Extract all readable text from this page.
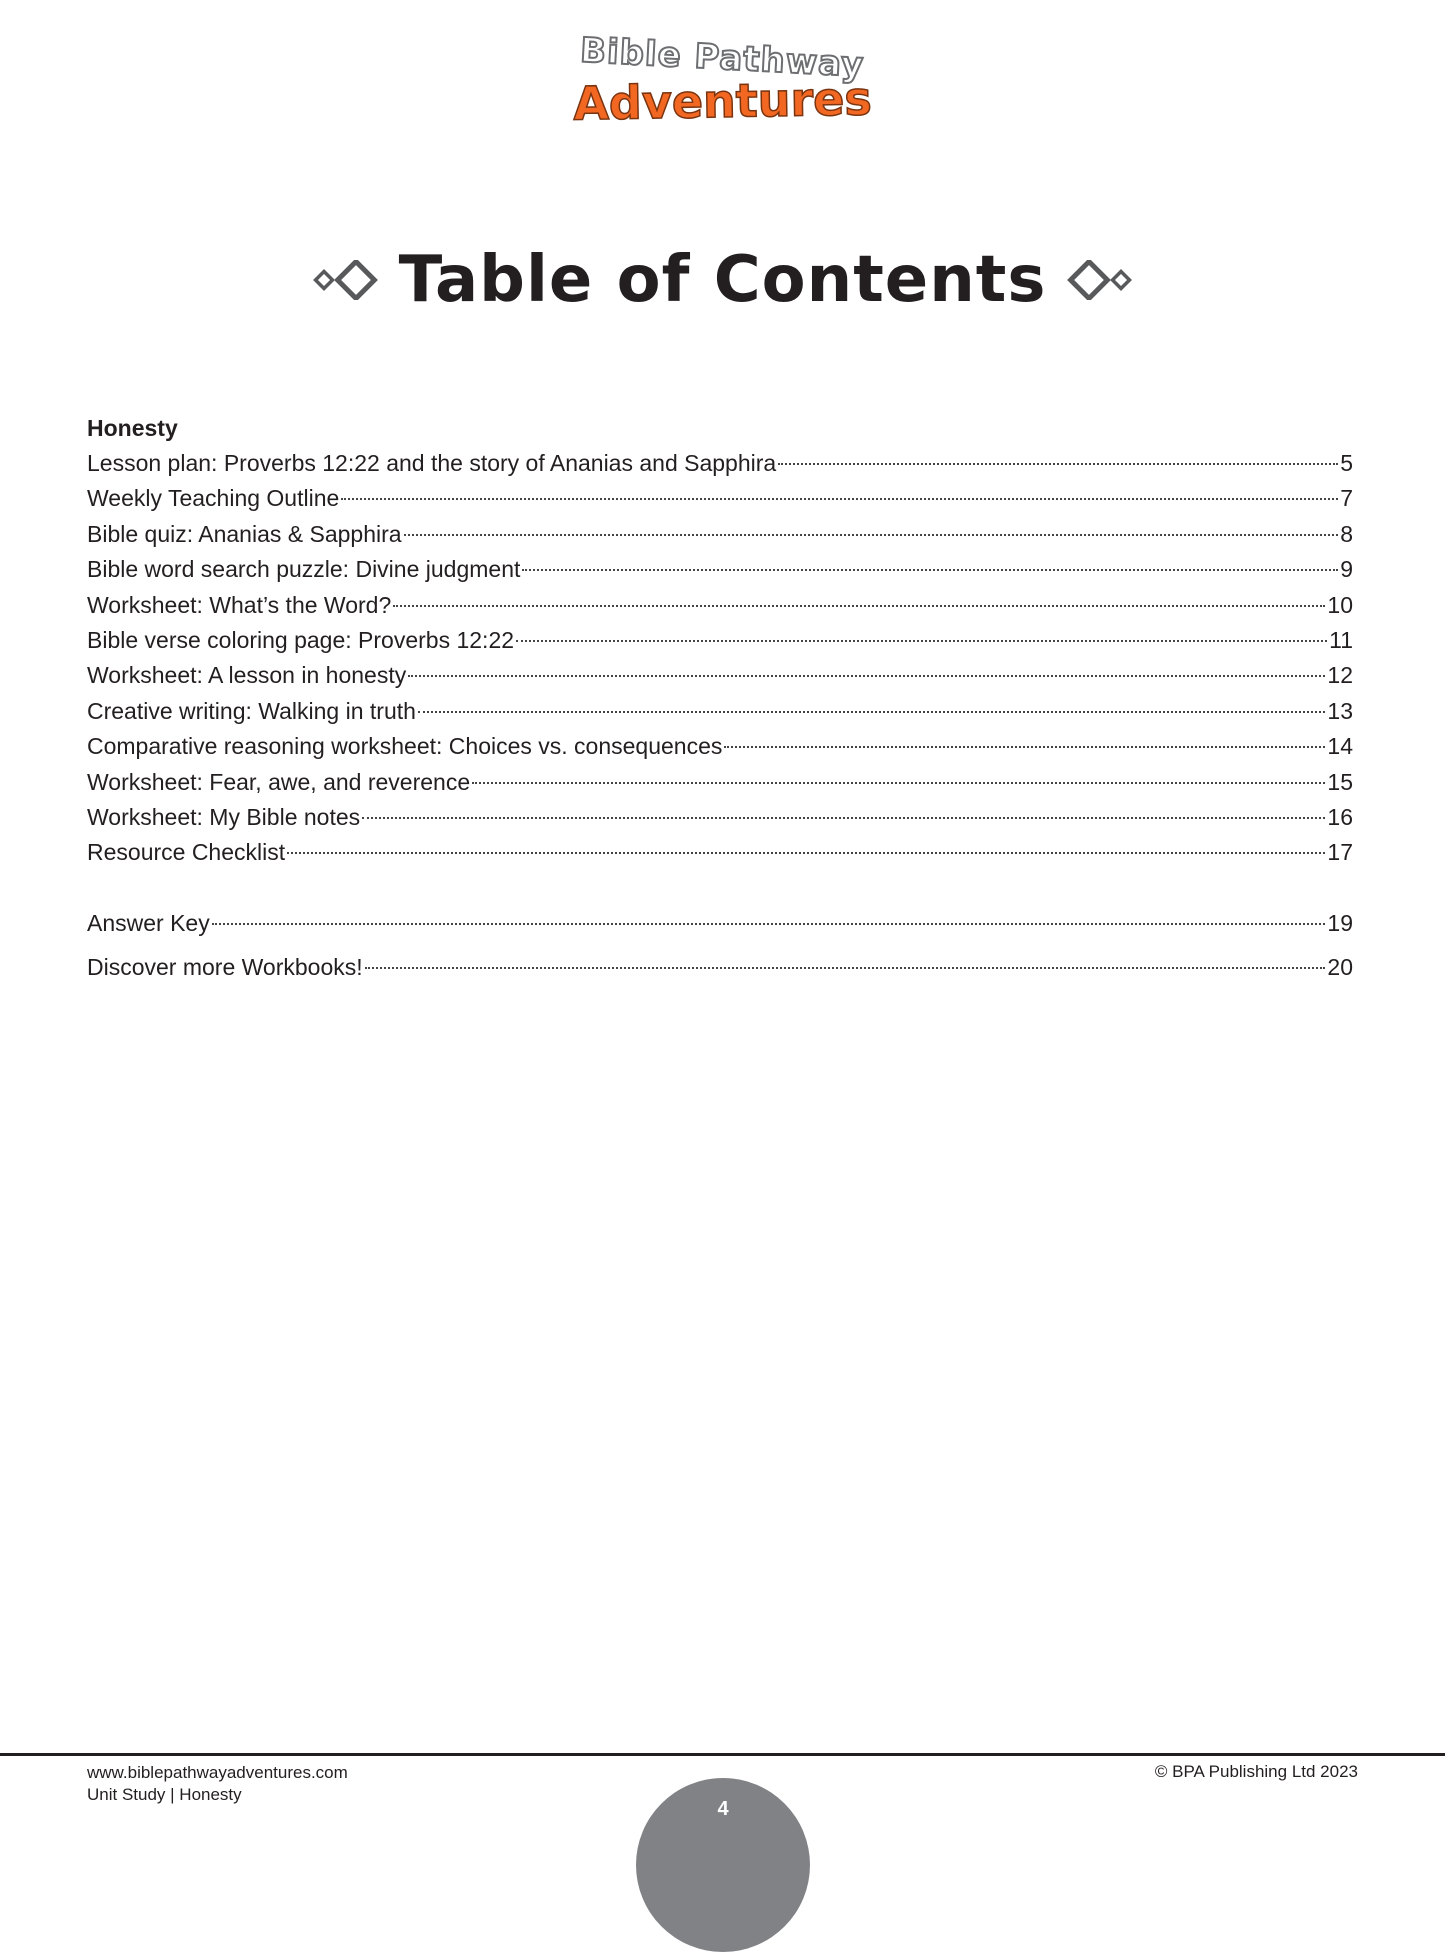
Bible Pathway
Adventures
Table of Contents
Honesty
Lesson plan: Proverbs 12:22 and the story of Ananias and Sapphira	5
Weekly Teaching Outline	7
Bible quiz: Ananias & Sapphira	8
Bible word search puzzle: Divine judgment	9
Worksheet: What’s the Word?	10
Bible verse coloring page: Proverbs 12:22	11
Worksheet: A lesson in honesty	12
Creative writing: Walking in truth	13
Comparative reasoning worksheet: Choices vs. consequences	14
Worksheet: Fear, awe, and reverence	15
Worksheet: My Bible notes	16
Resource Checklist	17
Answer Key	19
Discover more Workbooks!	20
www.biblepathwayadventures.com
Unit Study | Honesty
© BPA Publishing Ltd 2023
4
